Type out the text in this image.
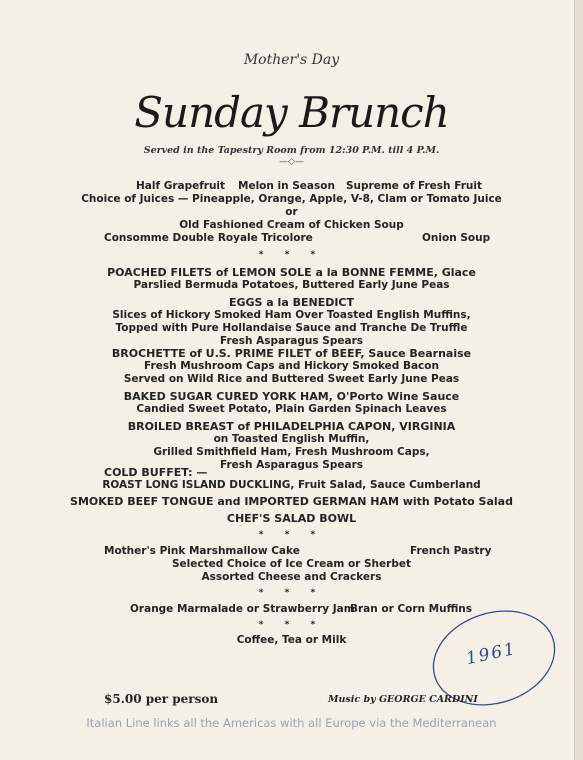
Mother's Day
Sunday Brunch
Served in the Tapestry Room from 12:30 P.M. till 4 P.M.
—◇—
Half Grapefruit Melon in Season Supreme of Fresh Fruit
Choice of Juices — Pineapple, Orange, Apple, V-8, Clam or Tomato Juice
or
Old Fashioned Cream of Chicken Soup
Consomme Double Royale Tricolore	Onion Soup
* * *
POACHED FILETS of LEMON SOLE a la BONNE FEMME, Glace
Parslied Bermuda Potatoes, Buttered Early June Peas
EGGS a la BENEDICT
Slices of Hickory Smoked Ham Over Toasted English Muffins,
Topped with Pure Hollandaise Sauce and Tranche De Truffle
Fresh Asparagus Spears
BROCHETTE of U.S. PRIME FILET of BEEF, Sauce Bearnaise
Fresh Mushroom Caps and Hickory Smoked Bacon
Served on Wild Rice and Buttered Sweet Early June Peas
BAKED SUGAR CURED YORK HAM, O'Porto Wine Sauce
Candied Sweet Potato, Plain Garden Spinach Leaves
BROILED BREAST of PHILADELPHIA CAPON, VIRGINIA
on Toasted English Muffin,
Grilled Smithfield Ham, Fresh Mushroom Caps,
Fresh Asparagus Spears
COLD BUFFET: —
ROAST LONG ISLAND DUCKLING, Fruit Salad, Sauce Cumberland
SMOKED BEEF TONGUE and IMPORTED GERMAN HAM with Potato Salad
CHEF'S SALAD BOWL
* * *
Mother's Pink Marshmallow Cake	French Pastry
Selected Choice of Ice Cream or Sherbet
Assorted Cheese and Crackers
* * *
Orange Marmalade or Strawberry Jam
Bran or Corn Muffins
* * *
Coffee, Tea or Milk	1961
$5.00 per person	Music by GEORGE CARDINI
Italian Line links all the Americas with all Europe via the Mediterranean
